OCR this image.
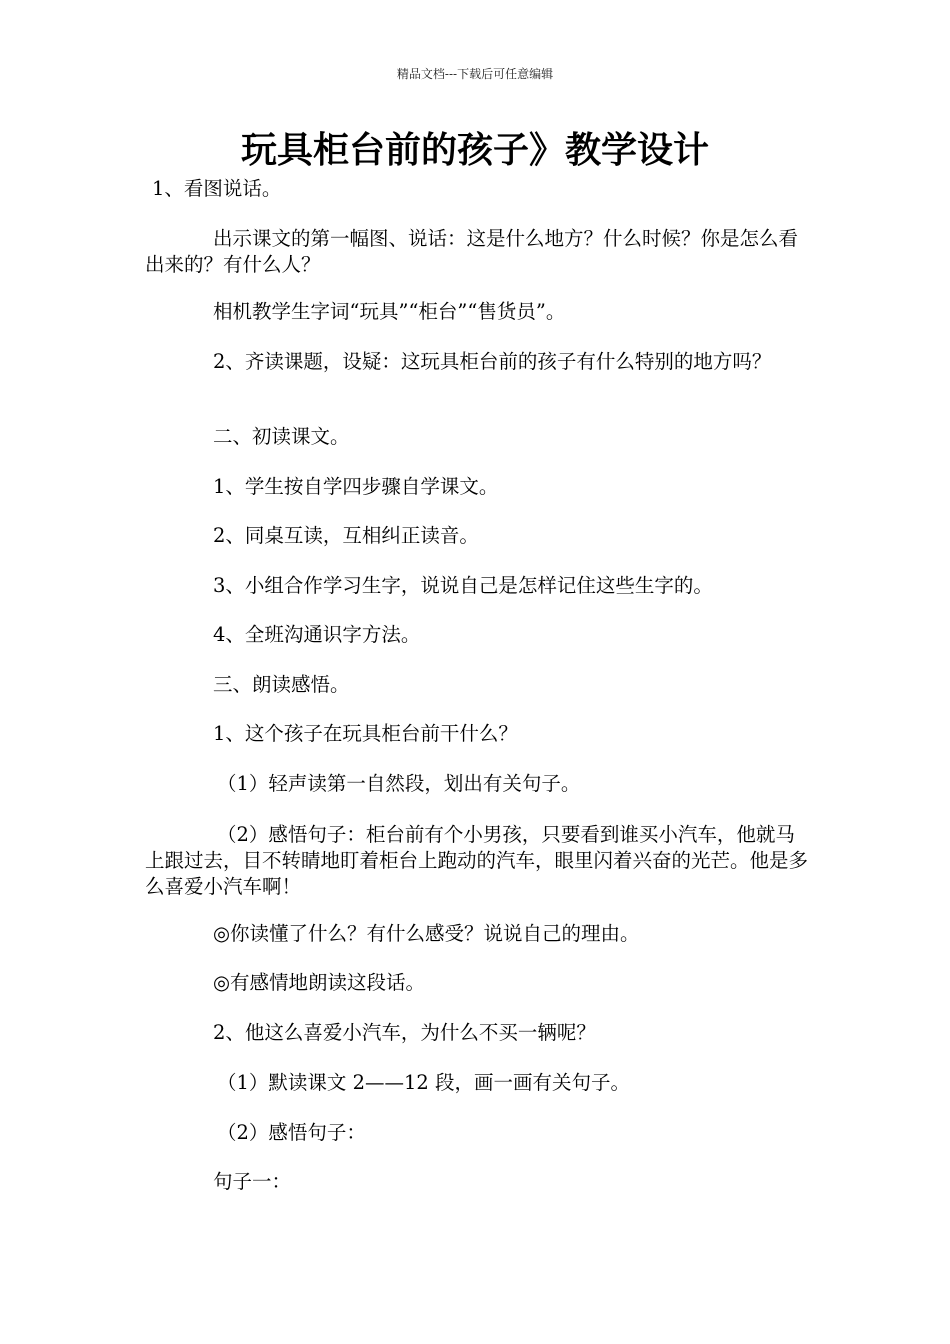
精品文档---下载后可任意编辑
玩具柜台前的孩子》教学设计

1、看图说话。

出示课文的第一幅图、说话：这是什么地方？什么时候？你是怎么看出来的？有什么人？

相机教学生字词“玩具”“柜台”“售货员”。

2、齐读课题，设疑：这玩具柜台前的孩子有什么特别的地方吗？

二、初读课文。

1、学生按自学四步骤自学课文。

2、同桌互读，互相纠正读音。

3、小组合作学习生字，说说自己是怎样记住这些生字的。

4、全班沟通识字方法。

三、朗读感悟。

1、这个孩子在玩具柜台前干什么？

（1）轻声读第一自然段，划出有关句子。

（2）感悟句子：柜台前有个小男孩，只要看到谁买小汽车，他就马上跟过去，目不转睛地盯着柜台上跑动的汽车，眼里闪着兴奋的光芒。他是多么喜爱小汽车啊！

◎你读懂了什么？有什么感受？说说自己的理由。

◎有感情地朗读这段话。

2、他这么喜爱小汽车，为什么不买一辆呢？

（1）默读课文 2——12 段，画一画有关句子。

（2）感悟句子：

句子一：
